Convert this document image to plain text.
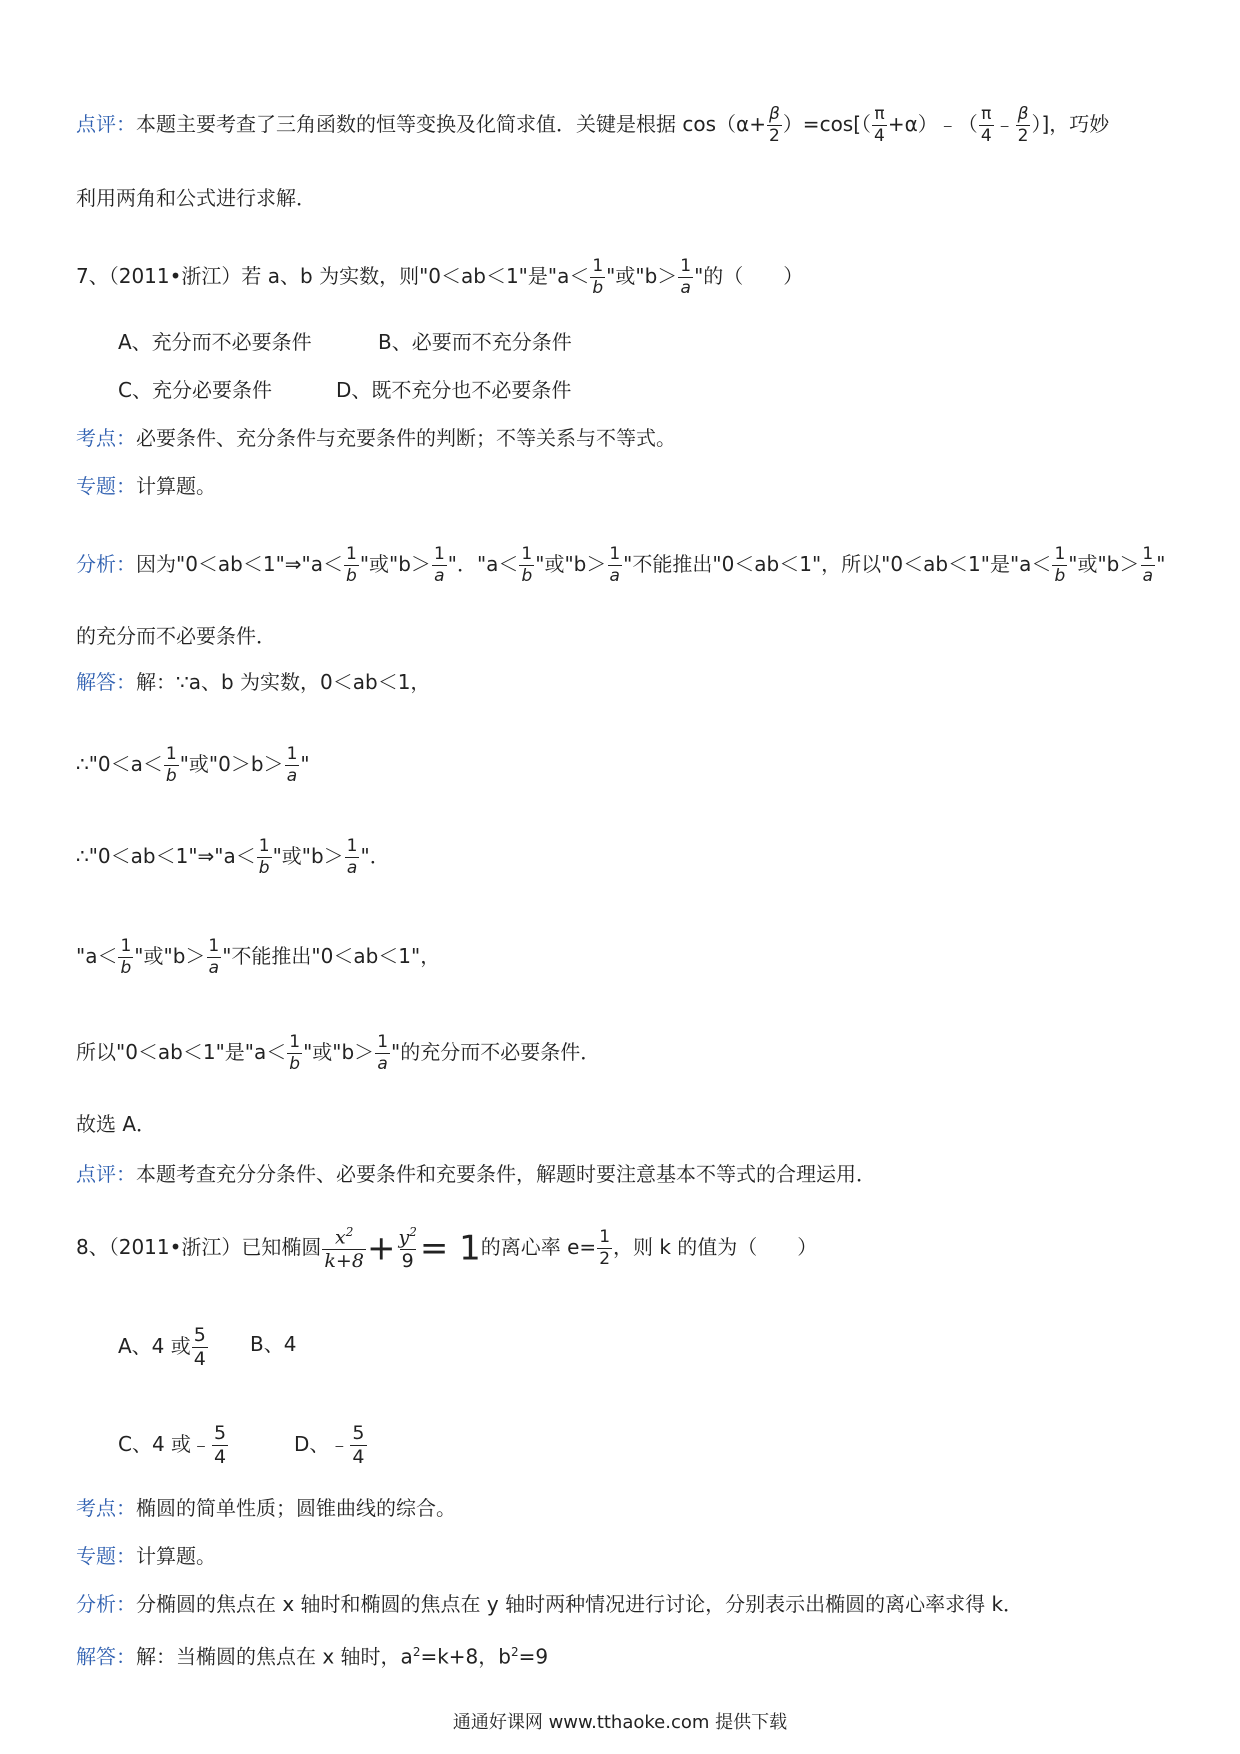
点评：本题主要考查了三角函数的恒等变换及化简求值．关键是根据 $\cos(\alpha+ \frac{\beta}{2} )=\cos[( \frac{\pi}{4}$ +α）﹣（ $\frac{\pi}{4}$ ﹣ $\frac{\beta}{2}$ ）]，巧妙
利用两角和公式进行求解．
7、（2011•浙江）若 a、b 为实数，则"0＜ab＜1"是"$a< \frac{1}{b}$ "或"$b> \frac{1}{a}$ "的（　　）
A、充分而不必要条件	B、必要而不充分条件
C、充分必要条件	D、既不充分也不必要条件
考点：必要条件、充分条件与充要条件的判断；不等关系与不等式。
专题：计算题。
分析：因为"0＜ab＜1"⇒"a＜ $\frac{1}{b}$ "或"$b> \frac{1}{a}$ "．"$a< \frac{1}{b}$ "或"$b> \frac{1}{a}$ "不能推出"0＜ab＜1"，所以"0＜ab＜1"是"$a< \frac{1}{b}$ "或"$b> \frac{1}{a}$ "
的充分而不必要条件．
解答：解：∵a、b 为实数，0＜ab＜1，
∴"0＜a＜ $\frac{1}{b}$ "或"$0>b> \frac{1}{a}$ "
∴"0＜ab＜1"⇒"a＜ $\frac{1}{b}$ "或"$b> \frac{1}{a}$ "．
"$a< \frac{1}{b}$ "或"$b> \frac{1}{a}$ "不能推出"0＜ab＜1"，
所以"0＜ab＜1"是"$a< \frac{1}{b}$ "或"$b> \frac{1}{a}$ "的充分而不必要条件．
故选 A．
点评：本题考查充分分条件、必要条件和充要条件，解题时要注意基本不等式的合理运用．
8、（2011•浙江）已知椭圆 $\frac{x^2}{k+8} + \frac{y^2}{9} = 1$的离心率 $e= \frac{1}{2}$ ，则 k 的值为（　　）
A、4 或 $\frac{5}{4}$ B、4
C、4 或﹣ $\frac{5}{4}$	D、﹣ $\frac{5}{4}$
考点：椭圆的简单性质；圆锥曲线的综合。
专题：计算题。
分析：分椭圆的焦点在 x 轴时和椭圆的焦点在 y 轴时两种情况进行讨论，分别表示出椭圆的离心率求得 k．
解答：解：当椭圆的焦点在 x 轴时，$a^2=k+8$，$b^2=9$
通通好课网 www.tthaoke.com 提供下载
